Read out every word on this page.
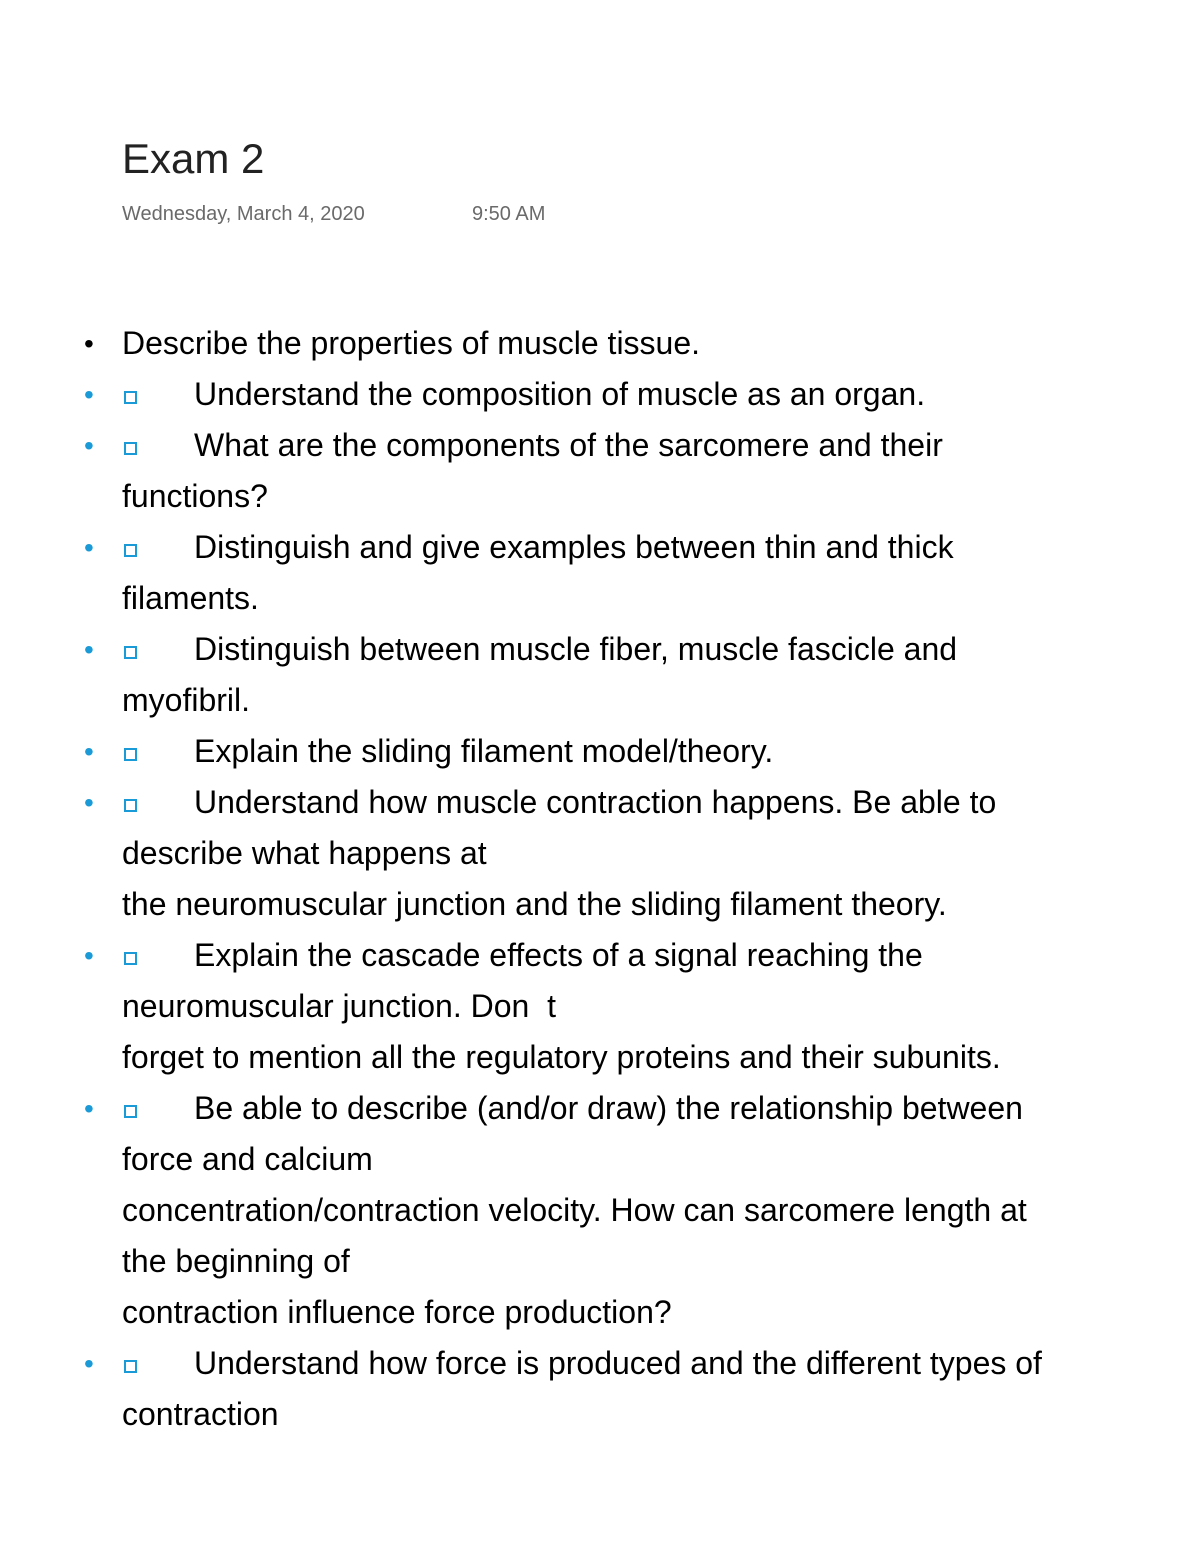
Exam 2
Wednesday, March 4, 2020	9:50 AM
• Describe the properties of muscle tissue.
•	Understand the composition of muscle as an organ.
•	What are the components of the sarcomere and their
functions?
•	Distinguish and give examples between thin and thick
filaments.
•	Distinguish between muscle fiber, muscle fascicle and
myofibril.
•	Explain the sliding filament model/theory.
•	Understand how muscle contraction happens. Be able to
describe what happens at
the neuromuscular junction and the sliding filament theory.
•	Explain the cascade effects of a signal reaching the
neuromuscular junction. Don  t
forget to mention all the regulatory proteins and their subunits.
•	Be able to describe (and/or draw) the relationship between
force and calcium
concentration/contraction velocity. How can sarcomere length at
the beginning of
contraction influence force production?
•	Understand how force is produced and the different types of
contraction
